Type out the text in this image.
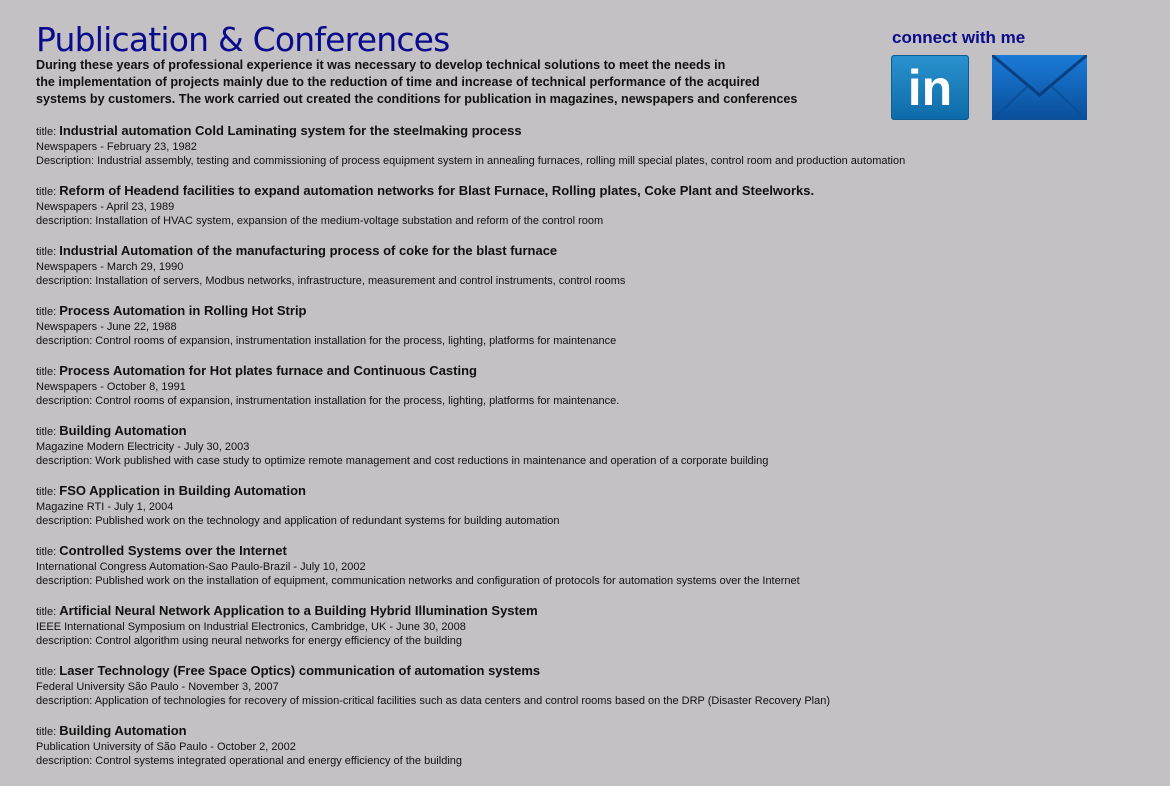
Publication & Conferences
During these years of professional experience it was necessary to develop technical solutions to meet the needs in
the implementation of projects mainly due to the reduction of time and increase of technical performance of the acquired
systems by customers. The work carried out created the conditions for publication in magazines, newspapers and conferences
connect with me
in
title: Industrial automation Cold Laminating system for the steelmaking process
Newspapers - February 23, 1982
Description: Industrial assembly, testing and commissioning of process equipment system in annealing furnaces, rolling mill special plates, control room and production automation
title: Reform of Headend facilities to expand automation networks for Blast Furnace, Rolling plates, Coke Plant and Steelworks.
Newspapers - April 23, 1989
description: Installation of HVAC system, expansion of the medium-voltage substation and reform of the control room
title: Industrial Automation of the manufacturing process of coke for the blast furnace
Newspapers - March 29, 1990
description: Installation of servers, Modbus networks, infrastructure, measurement and control instruments, control rooms
title: Process Automation in Rolling Hot Strip
Newspapers - June 22, 1988
description: Control rooms of expansion, instrumentation installation for the process, lighting, platforms for maintenance
title: Process Automation for Hot plates furnace and Continuous Casting
Newspapers - October 8, 1991
description: Control rooms of expansion, instrumentation installation for the process, lighting, platforms for maintenance.
title: Building Automation
Magazine Modern Electricity - July 30, 2003
description: Work published with case study to optimize remote management and cost reductions in maintenance and operation of a corporate building
title: FSO Application in Building Automation
Magazine RTI - July 1, 2004
description: Published work on the technology and application of redundant systems for building automation
title: Controlled Systems over the Internet
International Congress Automation-Sao Paulo-Brazil - July 10, 2002
description: Published work on the installation of equipment, communication networks and configuration of protocols for automation systems over the Internet
title: Artificial Neural Network Application to a Building Hybrid Illumination System
IEEE International Symposium on Industrial Electronics, Cambridge, UK - June 30, 2008
description: Control algorithm using neural networks for energy efficiency of the building
title: Laser Technology (Free Space Optics) communication of automation systems
Federal University São Paulo - November 3, 2007
description: Application of technologies for recovery of mission-critical facilities such as data centers and control rooms based on the DRP (Disaster Recovery Plan)
title: Building Automation
Publication University of São Paulo - October 2, 2002
description: Control systems integrated operational and energy efficiency of the building
